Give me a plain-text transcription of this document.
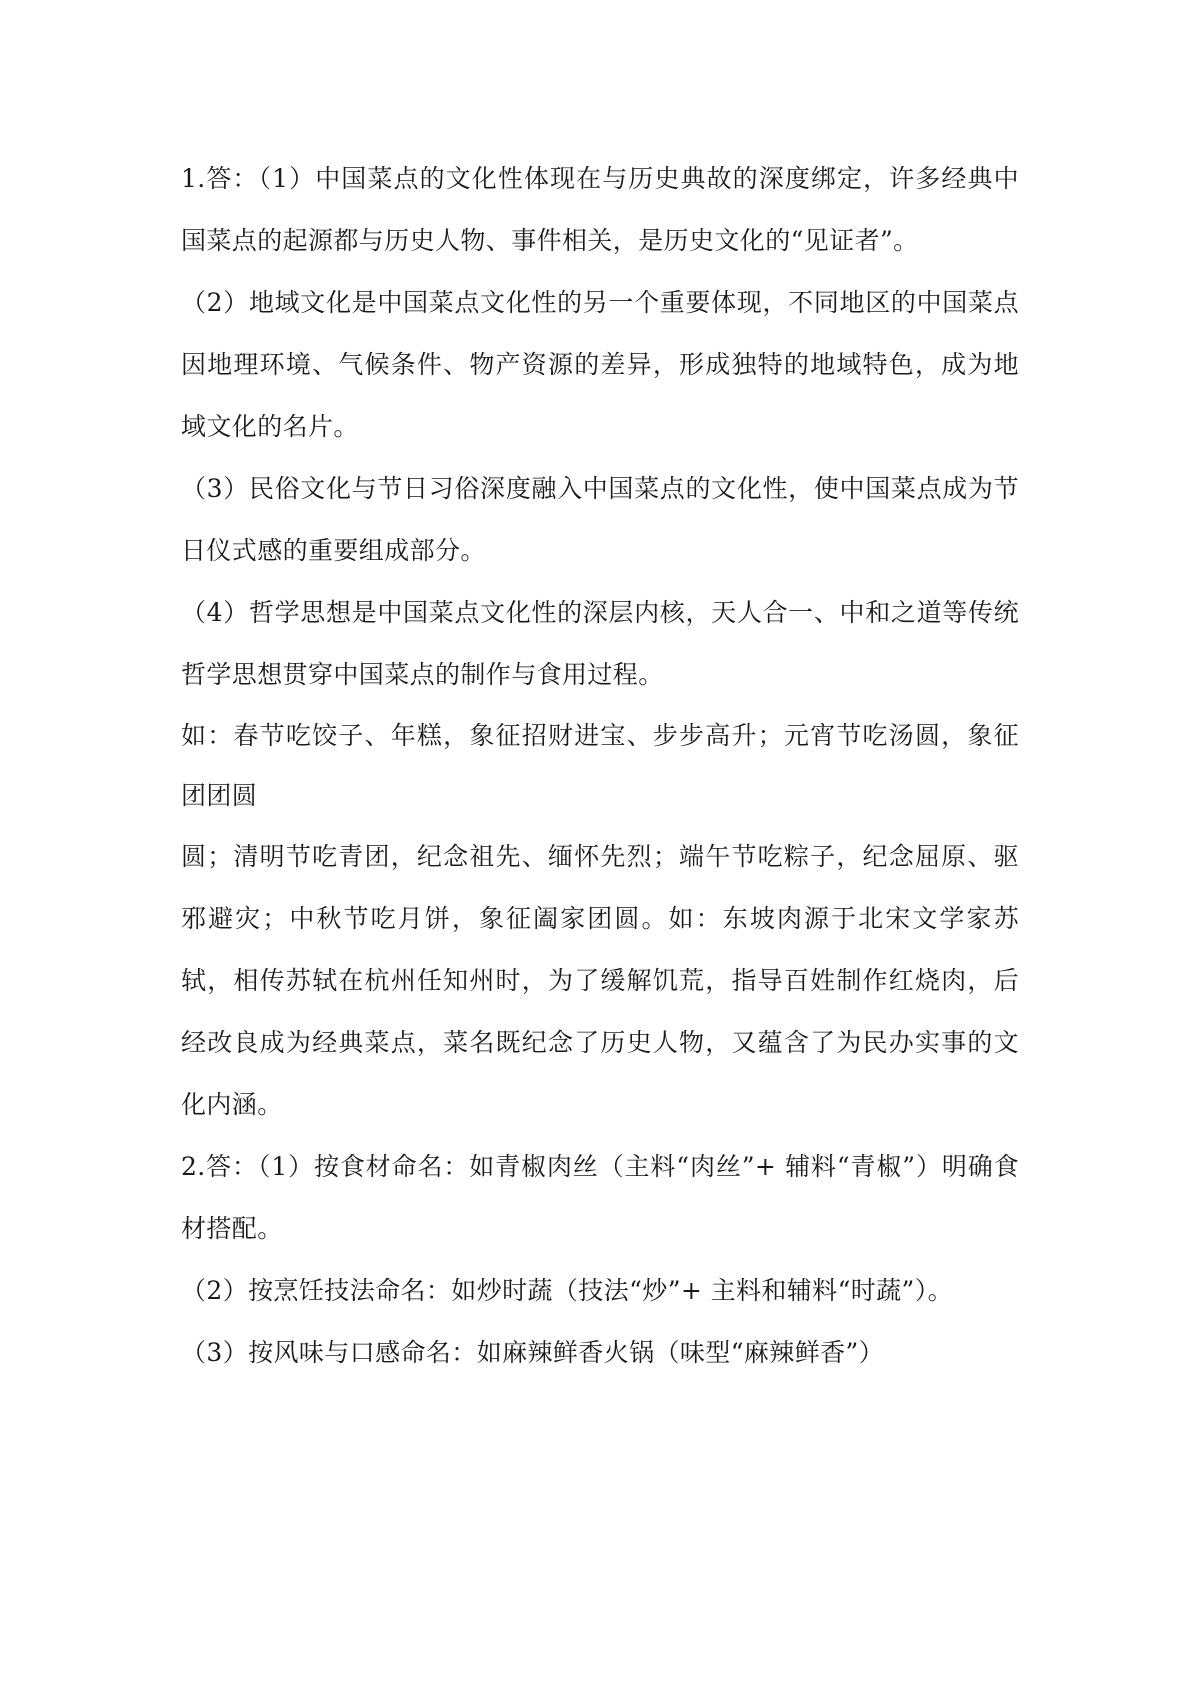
1.答：（1）中国菜点的文化性体现在与历史典故的深度绑定，许多经典中国菜点的起源都与历史人物、事件相关，是历史文化的“见证者”。

（2）地域文化是中国菜点文化性的另一个重要体现，不同地区的中国菜点因地理环境、气候条件、物产资源的差异，形成独特的地域特色，成为地域文化的名片。

（3）民俗文化与节日习俗深度融入中国菜点的文化性，使中国菜点成为节日仪式感的重要组成部分。

（4）哲学思想是中国菜点文化性的深层内核，天人合一、中和之道等传统哲学思想贯穿中国菜点的制作与食用过程。

如：春节吃饺子、年糕，象征招财进宝、步步高升；元宵节吃汤圆，象征团团圆

圆；清明节吃青团，纪念祖先、缅怀先烈；端午节吃粽子，纪念屈原、驱邪避灾；中秋节吃月饼，象征阖家团圆。如：东坡肉源于北宋文学家苏轼，相传苏轼在杭州任知州时，为了缓解饥荒，指导百姓制作红烧肉，后经改良成为经典菜点，菜名既纪念了历史人物，又蕴含了为民办实事的文化内涵。

2.答：（1）按食材命名：如青椒肉丝（主料“肉丝”+ 辅料“青椒”）明确食材搭配。

（2）按烹饪技法命名：如炒时蔬（技法“炒”+ 主料和辅料“时蔬”）。

（3）按风味与口感命名：如麻辣鲜香火锅（味型“麻辣鲜香”）
